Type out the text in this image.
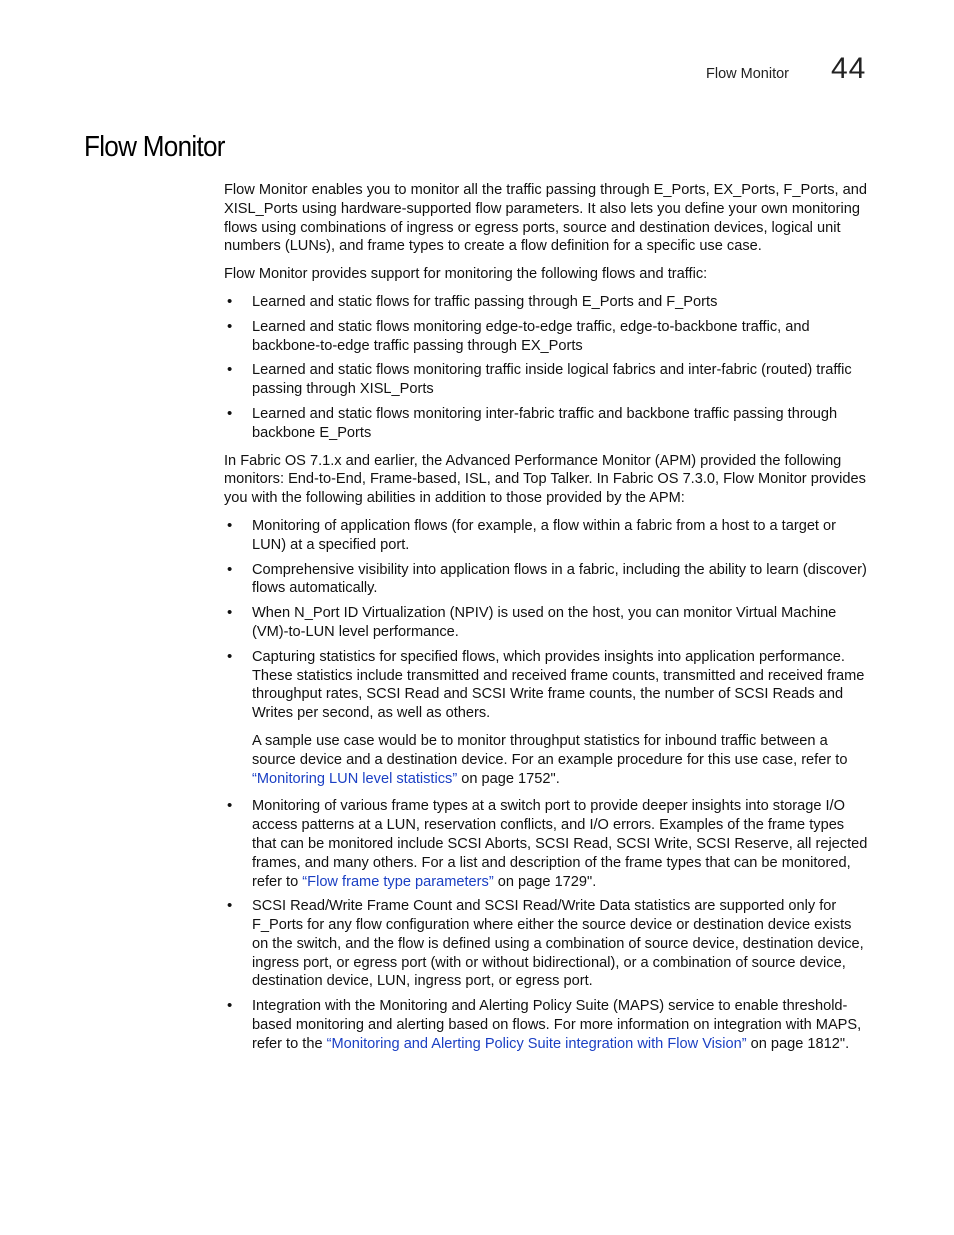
Flow Monitor 44
Flow Monitor

Flow Monitor enables you to monitor all the traffic passing through E_Ports, EX_Ports, F_Ports, and XISL_Ports using hardware-supported flow parameters. It also lets you define your own monitoring flows using combinations of ingress or egress ports, source and destination devices, logical unit numbers (LUNs), and frame types to create a flow definition for a specific use case.

Flow Monitor provides support for monitoring the following flows and traffic:

• Learned and static flows for traffic passing through E_Ports and F_Ports
• Learned and static flows monitoring edge-to-edge traffic, edge-to-backbone traffic, and backbone-to-edge traffic passing through EX_Ports
• Learned and static flows monitoring traffic inside logical fabrics and inter-fabric (routed) traffic passing through XISL_Ports
• Learned and static flows monitoring inter-fabric traffic and backbone traffic passing through backbone E_Ports

In Fabric OS 7.1.x and earlier, the Advanced Performance Monitor (APM) provided the following monitors: End-to-End, Frame-based, ISL, and Top Talker. In Fabric OS 7.3.0, Flow Monitor provides you with the following abilities in addition to those provided by the APM:

• Monitoring of application flows (for example, a flow within a fabric from a host to a target or LUN) at a specified port.
• Comprehensive visibility into application flows in a fabric, including the ability to learn (discover) flows automatically.
• When N_Port ID Virtualization (NPIV) is used on the host, you can monitor Virtual Machine (VM)-to-LUN level performance.

• Capturing statistics for specified flows, which provides insights into application performance. These statistics include transmitted and received frame counts, transmitted and received frame throughput rates, SCSI Read and SCSI Write frame counts, the number of SCSI Reads and Writes per second, as well as others.

A sample use case would be to monitor throughput statistics for inbound traffic between a source device and a destination device. For an example procedure for this use case, refer to “Monitoring LUN level statistics” on page 1752".

• Monitoring of various frame types at a switch port to provide deeper insights into storage I/O access patterns at a LUN, reservation conflicts, and I/O errors. Examples of the frame types that can be monitored include SCSI Aborts, SCSI Read, SCSI Write, SCSI Reserve, all rejected frames, and many others. For a list and description of the frame types that can be monitored, refer to “Flow frame type parameters” on page 1729".
• SCSI Read/Write Frame Count and SCSI Read/Write Data statistics are supported only for F_Ports for any flow configuration where either the source device or destination device exists on the switch, and the flow is defined using a combination of source device, destination device, ingress port, or egress port (with or without bidirectional), or a combination of source device, destination device, LUN, ingress port, or egress port.
• Integration with the Monitoring and Alerting Policy Suite (MAPS) service to enable threshold-based monitoring and alerting based on flows. For more information on integration with MAPS, refer to the “Monitoring and Alerting Policy Suite integration with Flow Vision” on page 1812".
